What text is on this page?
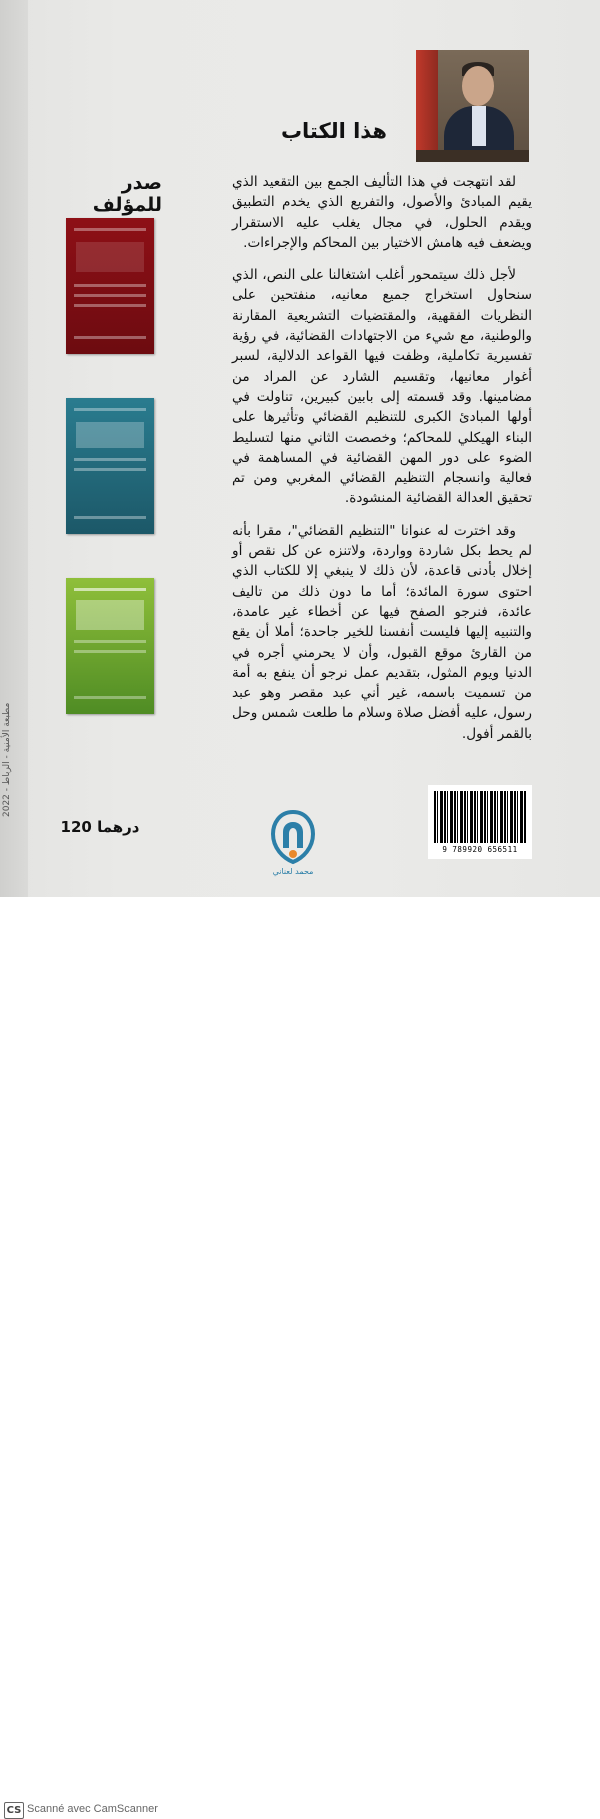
مطبعة الأمنية - الرباط - 2022
هذا الكتاب
صدر للمؤلف

لقد انتهجت في هذا التأليف الجمع بين التقعيد الذي يقيم المبادئ والأصول، والتفريع الذي يخدم التطبيق ويقدم الحلول، في مجال يغلب عليه الاستقرار ويضعف فيه هامش الاختيار بين المحاكم والإجراءات.

لأجل ذلك سيتمحور أغلب اشتغالنا على النص، الذي سنحاول استخراج جميع معانيه، منفتحين على النظريات الفقهية، والمقتضيات التشريعية المقارنة والوطنية، مع شيء من الاجتهادات القضائية، في رؤية تفسيرية تكاملية، وظفت فيها القواعد الدلالية، لسبر أغوار معانيها، وتقسيم الشارد عن المراد من مضامينها. وقد قسمته إلى بابين كبيرين، تناولت في أولها المبادئ الكبرى للتنظيم القضائي وتأثيرها على البناء الهيكلي للمحاكم؛ وخصصت الثاني منها لتسليط الضوء على دور المهن القضائية في المساهمة في فعالية وانسجام التنظيم القضائي المغربي ومن تم تحقيق العدالة القضائية المنشودة.

وقد اخترت له عنوانا "التنظيم القضائي"، مقرا بأنه لم يحط بكل شاردة وواردة، ولاتنزه عن كل نقص أو إخلال بأدنى قاعدة، لأن ذلك لا ينبغي إلا للكتاب الذي احتوى سورة المائدة؛ أما ما دون ذلك من تاليف عائدة، فنرجو الصفح فيها عن أخطاء غير عامدة، والتنبيه إليها فليست أنفسنا للخير جاحدة؛ أملا أن يقع من القارئ موقع القبول، وأن لا يحرمني أجره في الدنيا ويوم المثول، بتقديم عمل نرجو أن ينفع به أمة من تسميت باسمه، غير أني عبد مقصر وهو عبد رسول، عليه أفضل صلاة وسلام ما طلعت شمس وحل بالقمر أفول.

9 789920 656511
محمد لعناني
120 درهما
CS Scanné avec CamScanner
